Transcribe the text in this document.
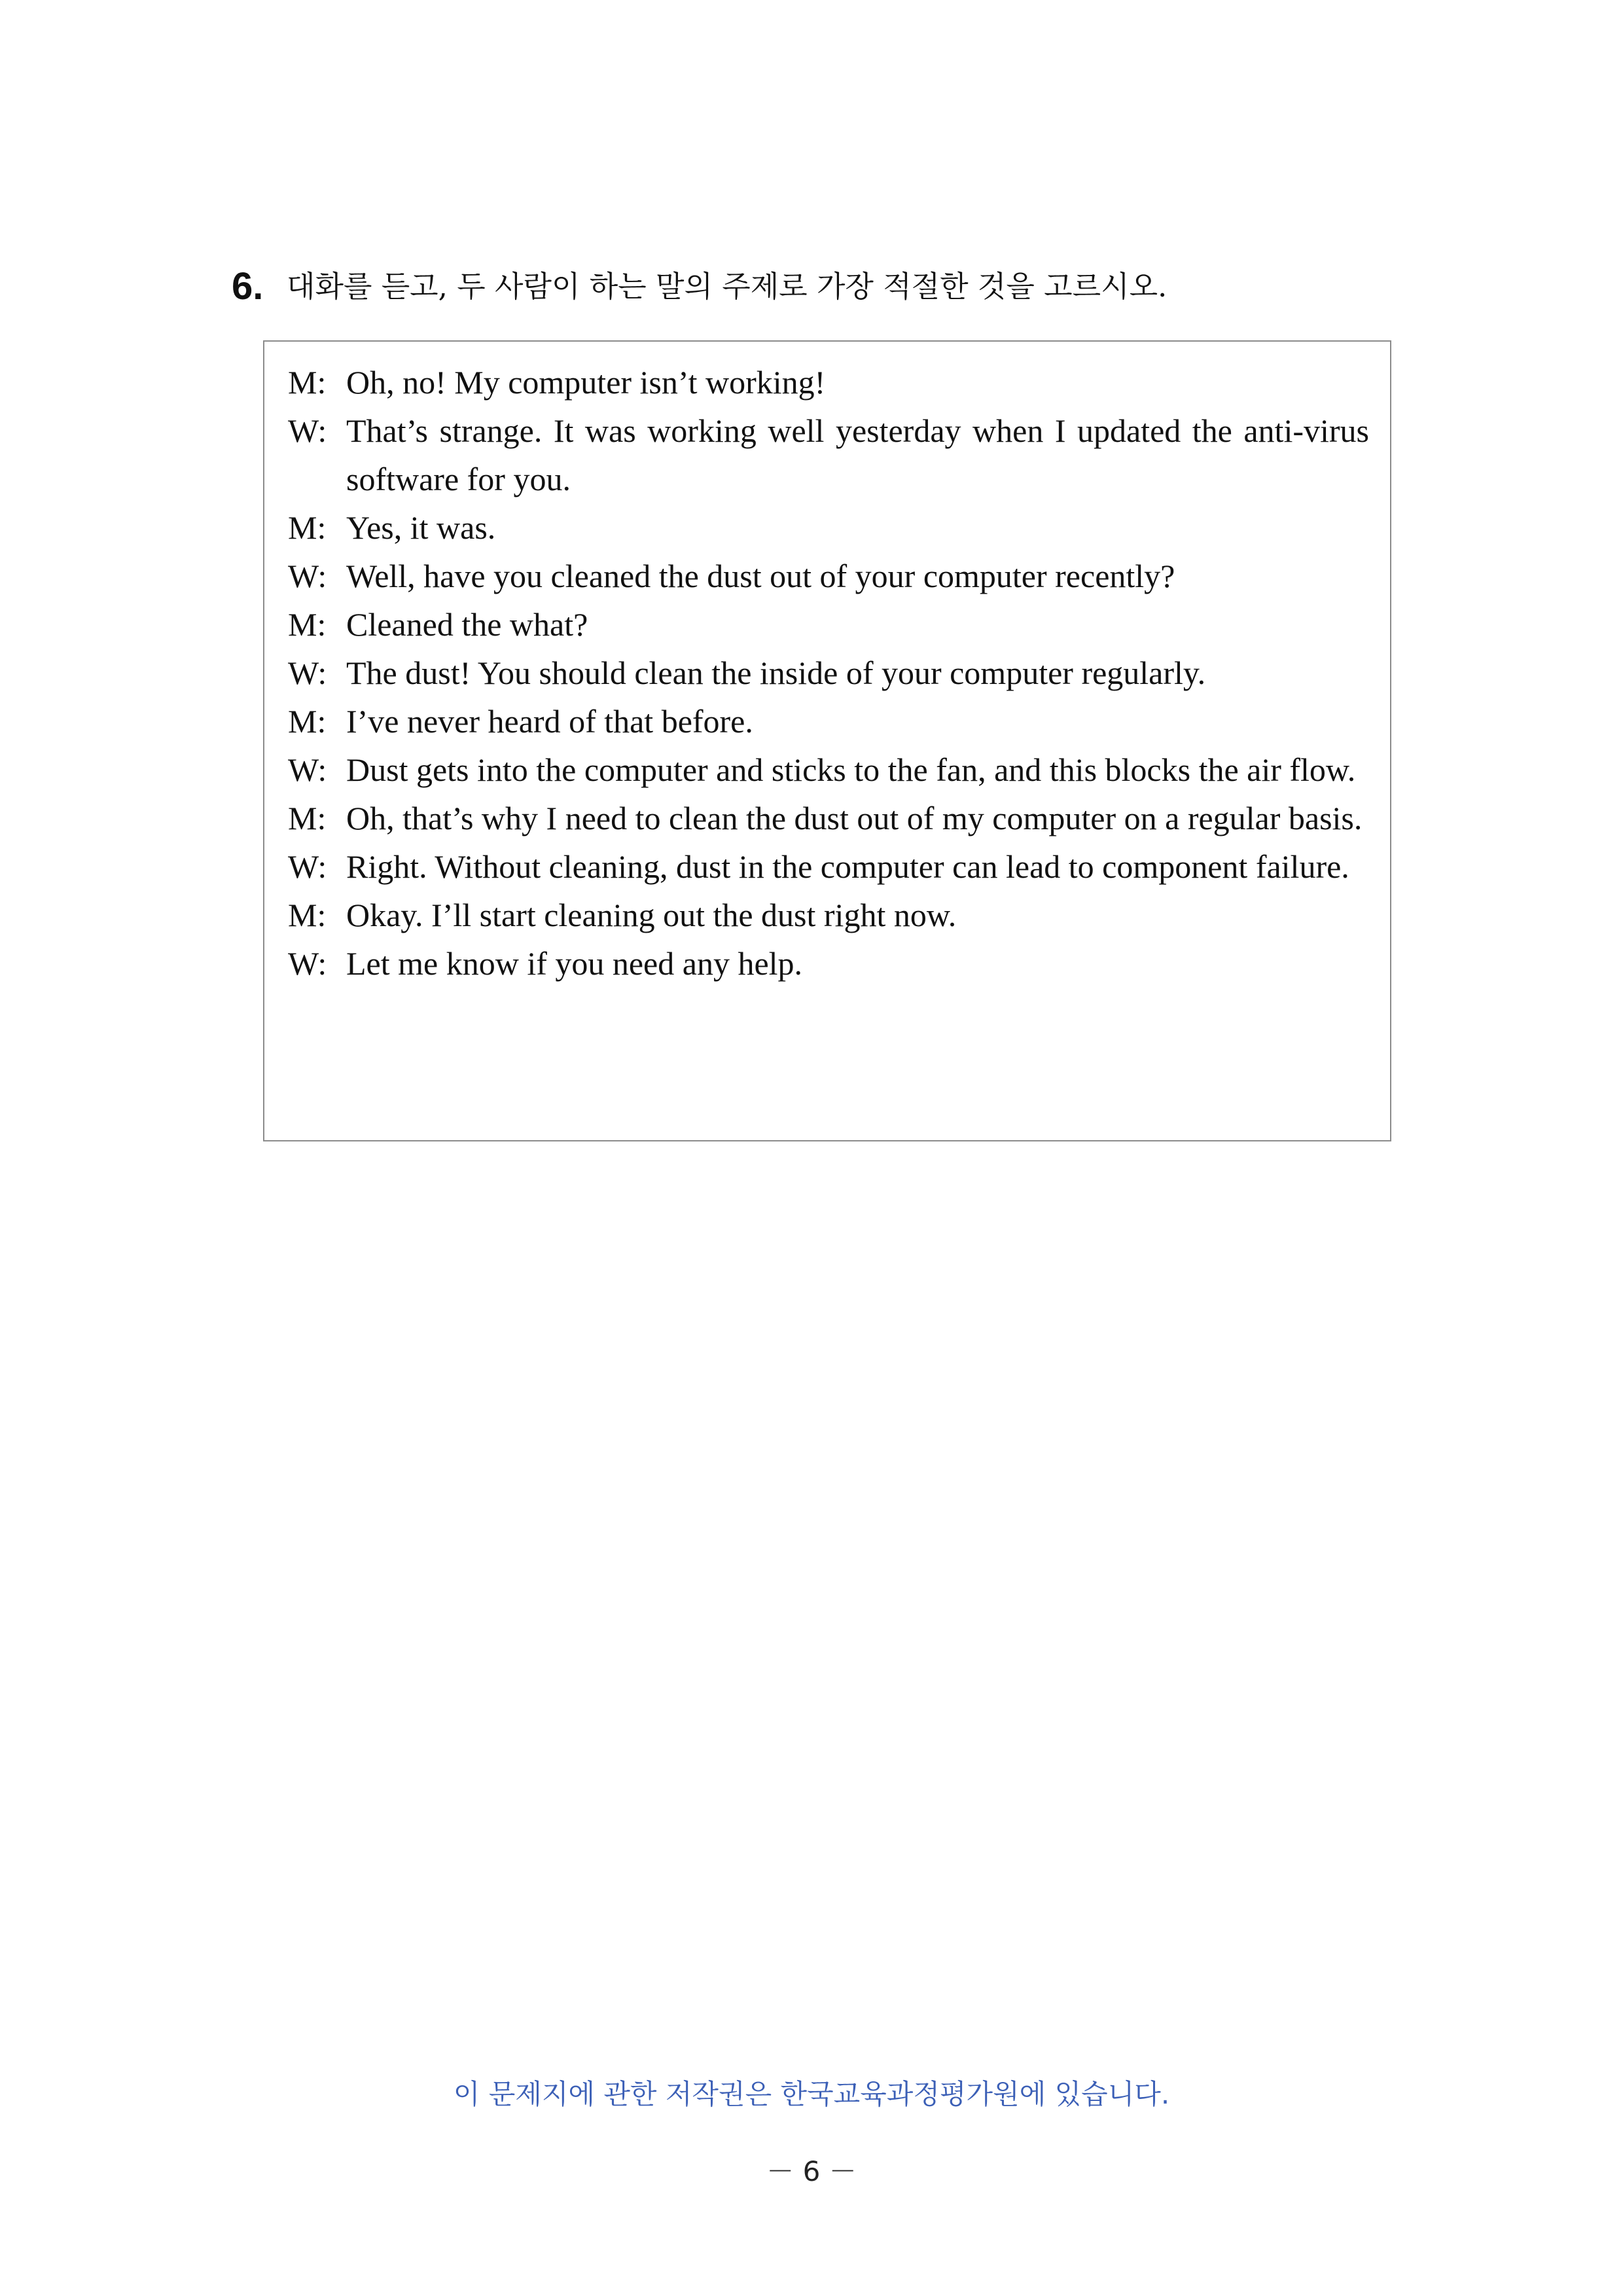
6. 대화를 듣고, 두 사람이 하는 말의 주제로 가장 적절한 것을 고르시오.
M: Oh, no! My computer isn’t working!
W: That’s strange. It was working well yesterday when I updated the anti-virus software for you.
M: Yes, it was.
W: Well, have you cleaned the dust out of your computer recently?
M: Cleaned the what?
W: The dust! You should clean the inside of your computer regularly.
M: I’ve never heard of that before.
W: Dust gets into the computer and sticks to the fan, and this blocks the air flow.
M: Oh, that’s why I need to clean the dust out of my computer on a regular basis.
W: Right. Without cleaning, dust in the computer can lead to component failure.
M: Okay. I’ll start cleaning out the dust right now.
W: Let me know if you need any help.
이 문제지에 관한 저작권은 한국교육과정평가원에 있습니다.
－ 6 －
